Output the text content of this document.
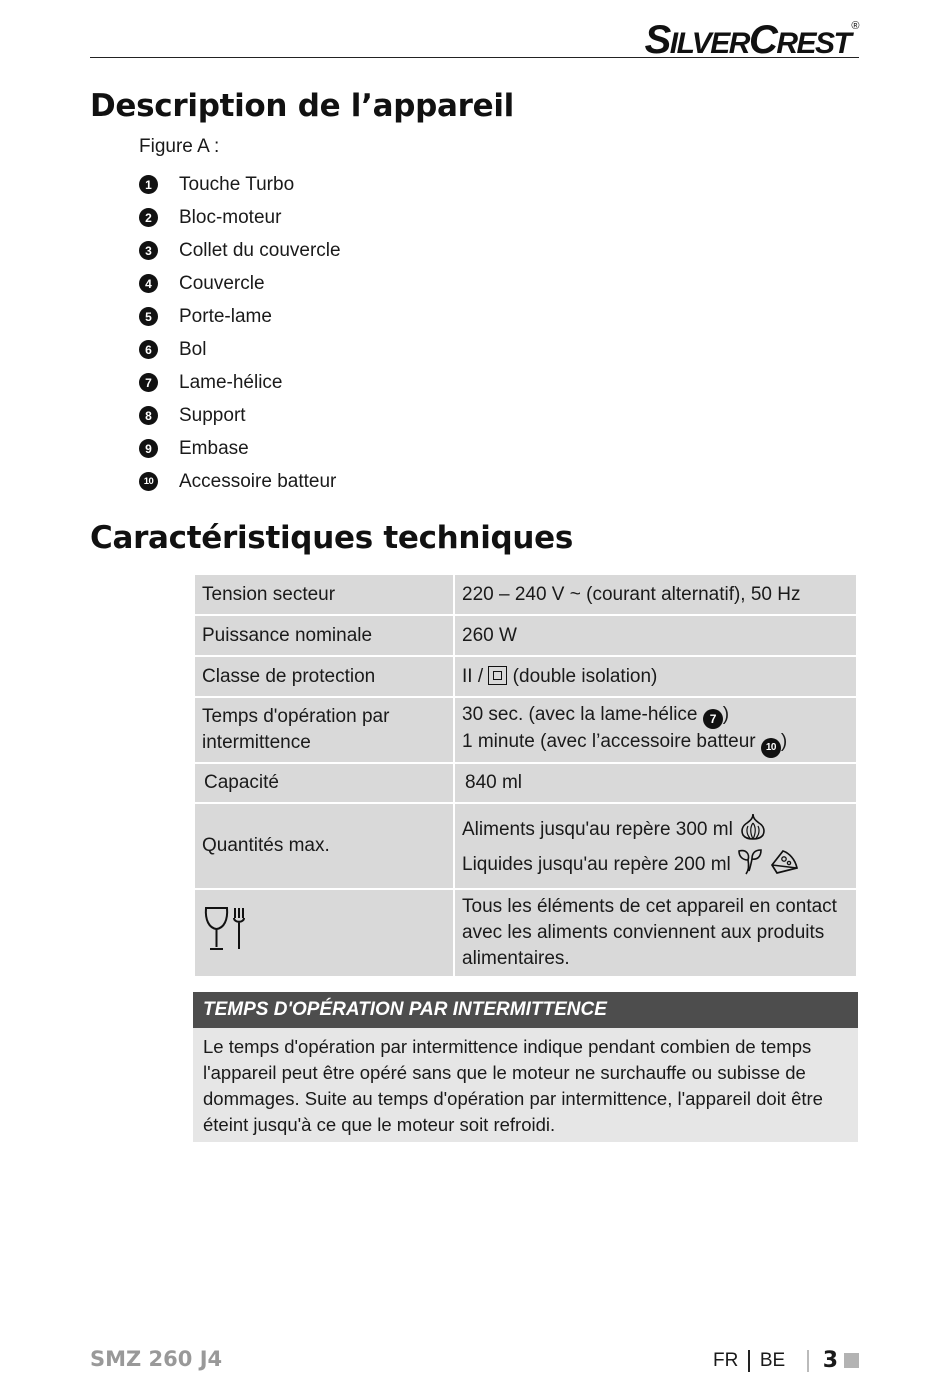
SILVERCREST®
Description de l’appareil
Figure A :
1	Touche Turbo
2	Bloc-moteur
3	Collet du couvercle
4	Couvercle
5	Porte-lame
6	Bol
7	Lame-hélice
8	Support
9	Embase
10 Accessoire batteur
Caractéristiques techniques
Tension secteur	220 – 240 V ~ (courant alternatif), 50 Hz
Puissance nominale	260 W
Classe de protection	II /  (double isolation)
Temps d'opération par intermittence	30 sec. (avec la lame-hélice 7 )
1 minute (avec l’accessoire batteur 10 )

Capacité	840 ml
Quantités max.	Aliments jusqu'au repère 300 ml
Liquides jusqu'au repère 200 ml

	Tous les éléments de cet appareil en contact avec les aliments conviennent aux produits alimentaires.
TEMPS D'OPÉRATION PAR INTERMITTENCE
Le temps d'opération par intermittence indique pendant combien de temps l'appareil peut être opéré sans que le moteur ne surchauffe ou subisse de dommages. Suite au temps d'opération par intermittence, l'appareil doit être éteint jusqu'à ce que le moteur soit refroidi.
SMZ 260 J4	FR BE 3
